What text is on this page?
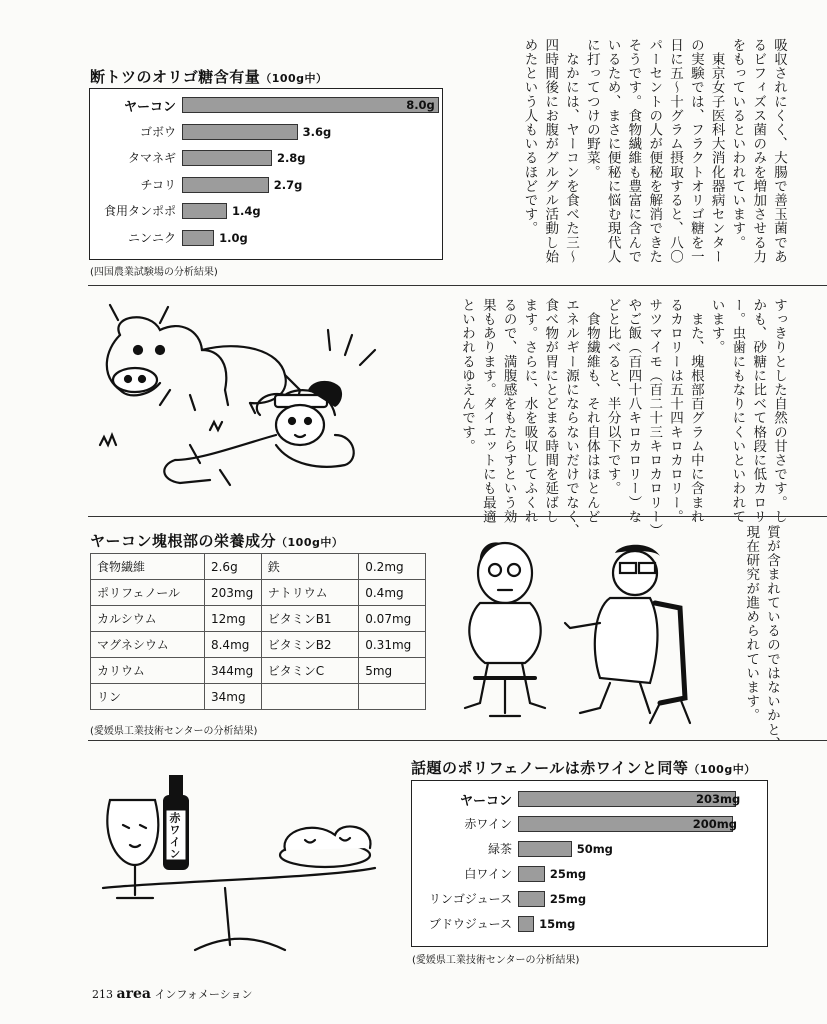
断トツのオリゴ糖含有量（100g中）
ヤーコン	8.0g
ゴボウ	3.6g
タマネギ	2.8g
チコリ	2.7g
食用タンポポ	1.4g
ニンニク	1.0g
(四国農業試験場の分析結果)

吸収されにくく、大腸で善玉菌であ

るビフィズス菌のみを増加させる力

をもっているといわれています。

　東京女子医科大消化器病センター

の実験では、フラクトオリゴ糖を一

日に五〜十グラム摂取すると、八〇

パーセントの人が便秘を解消できた

そうです。食物繊維も豊富に含んで

いるため、まさに便秘に悩む現代人

に打ってつけの野菜。

　なかには、ヤーコンを食べた三〜

四時間後にお腹がグルグル活動し始

めたという人もいるほどです。

すっきりとした自然の甘さです。し

かも、砂糖に比べて格段に低カロリ

ー。虫歯にもなりにくいといわれて

います。

　また、塊根部百グラム中に含まれ

るカロリーは五十四キロカロリー。

サツマイモ（百二十三キロカロリー）

やご飯（百四十八キロカロリー）な

どと比べると、半分以下です。

　食物繊維も、それ自体はほとんど

エネルギー源にならないだけでなく、

食べ物が胃にとどまる時間を延ばし

ます。さらに、水を吸収してふくれ

るので、満腹感をもたらすという効

果もあります。ダイエットにも最適

といわれるゆえんです。

ヤーコン塊根部の栄養成分（100g中）
食物繊維	2.6g	鉄	0.2mg
ポリフェノール	203mg	ナトリウム	0.4mg
カルシウム	12mg	ビタミンB1	0.07mg
マグネシウム	8.4mg	ビタミンB2	0.31mg
カリウム	344mg	ビタミンC	5mg
リン	34mg		
(愛媛県工業技術センターの分析結果)	質が含まれているのではないかと、

現在研究が進められています。

赤ワイン
話題のポリフェノールは赤ワインと同等（100g中）
ヤーコン	203mg
赤ワイン	200mg
緑茶	50mg
白ワイン	25mg
リンゴジュース	25mg
ブドウジュース 15mg
(愛媛県工業技術センターの分析結果)
213 area インフォメーション
